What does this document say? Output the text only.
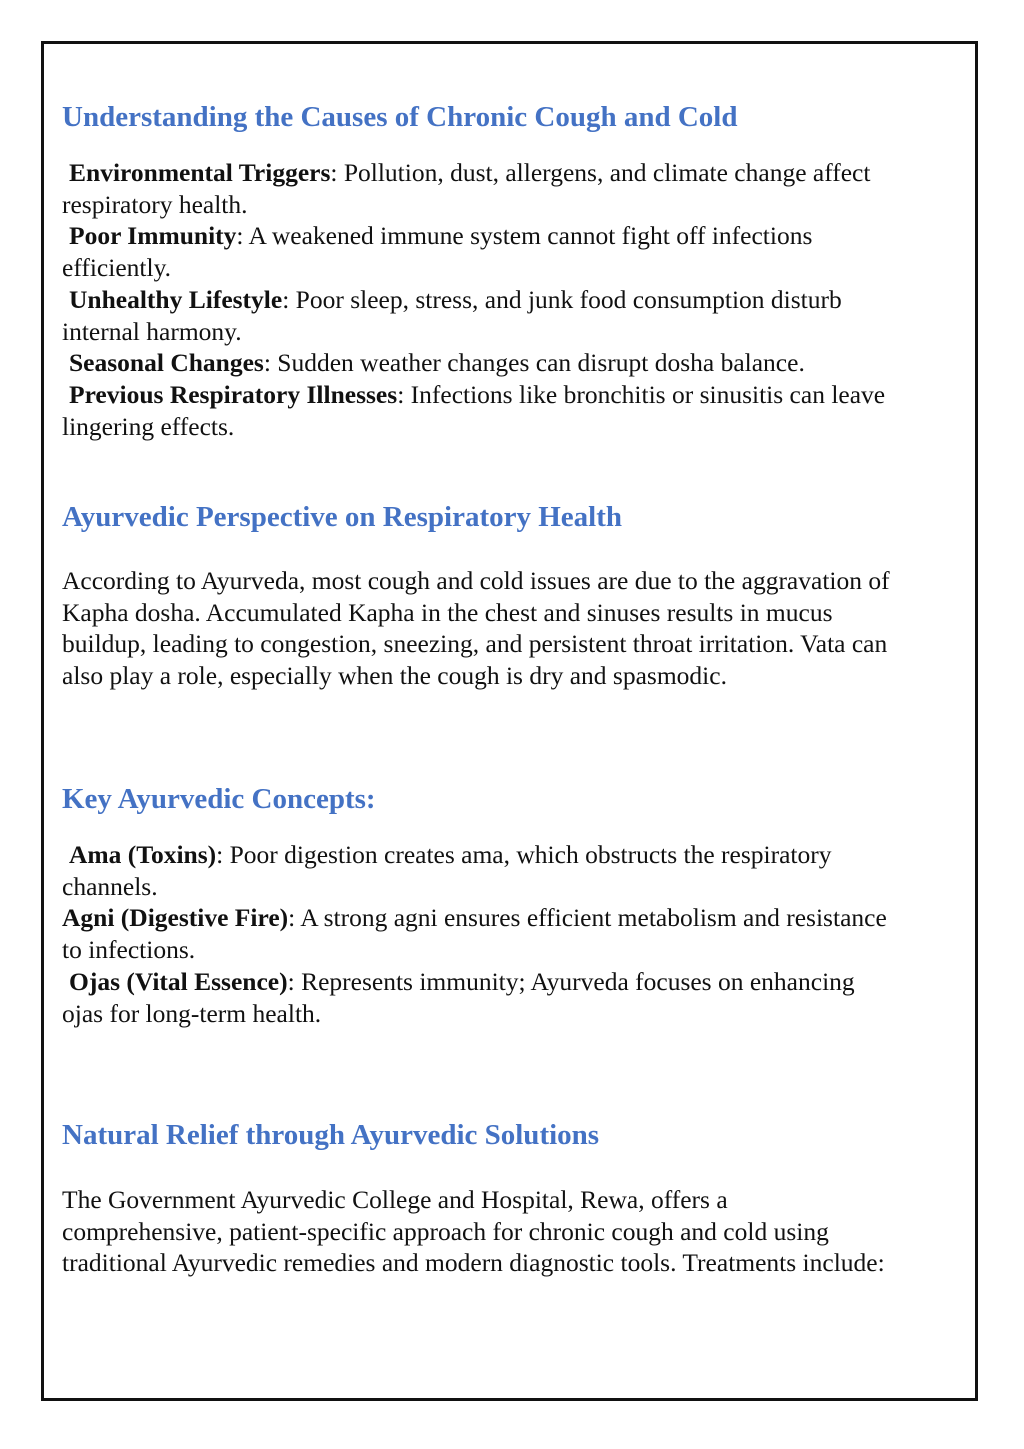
Understanding the Causes of Chronic Cough and Cold
Environmental Triggers: Pollution, dust, allergens, and climate change affect
respiratory health.
Poor Immunity: A weakened immune system cannot fight off infections
efficiently.
Unhealthy Lifestyle: Poor sleep, stress, and junk food consumption disturb
internal harmony.
Seasonal Changes: Sudden weather changes can disrupt dosha balance.
Previous Respiratory Illnesses: Infections like bronchitis or sinusitis can leave
lingering effects.
Ayurvedic Perspective on Respiratory Health
According to Ayurveda, most cough and cold issues are due to the aggravation of
Kapha dosha. Accumulated Kapha in the chest and sinuses results in mucus
buildup, leading to congestion, sneezing, and persistent throat irritation. Vata can
also play a role, especially when the cough is dry and spasmodic.
Key Ayurvedic Concepts:
Ama (Toxins): Poor digestion creates ama, which obstructs the respiratory
channels.
Agni (Digestive Fire): A strong agni ensures efficient metabolism and resistance
to infections.
Ojas (Vital Essence): Represents immunity; Ayurveda focuses on enhancing
ojas for long-term health.
Natural Relief through Ayurvedic Solutions
The Government Ayurvedic College and Hospital, Rewa, offers a
comprehensive, patient-specific approach for chronic cough and cold using
traditional Ayurvedic remedies and modern diagnostic tools. Treatments include:
